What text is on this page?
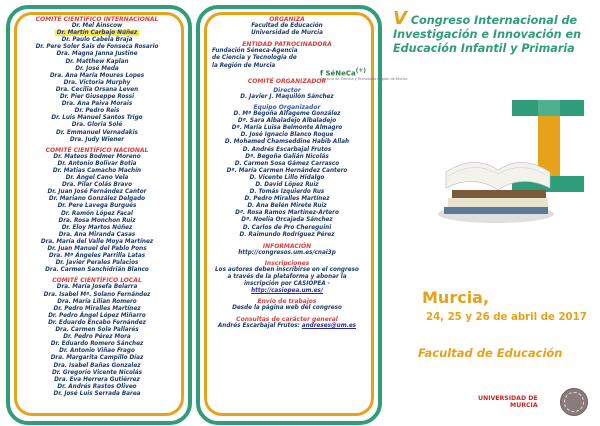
COMITÉ CIENTÍFICO INTERNACIONAL
Dr. Mel Ainscow
Dr. Martín Carbajo Núñez
Dr. Paulo Cabela Braja
Dr. Pere Soler Sais de Fonseca Rosario
Dra. Magna Janna Justine
Dr. Matthew Kaplan
Dr. José Meda
Dra. Ana María Moures Lopes
Dra. Victoria Murphy
Dra. Cecilia Orsana Leven
Dr. Pier Giuseppe Rossi
Dra. Ana Paiva Morais
Dr. Pedro Reis
Dr. Luis Manuel Santos Trigo
Dra. Gloria Solé
Dr. Emmanuel Vernadakis
Dra. Judy Wiener
COMITÉ CIENTÍFICO NACIONAL
Dr. Mateos Bodmer Moreno
Dr. Antonio Bolivar Botia
Dr. Matias Camacho Machín
Dr. Ángel Cano Vela
Dra. Pilar Colás Bravo
Dr. Juan José Fernández Cantor
Dr. Mariano González Delgado
Dr. Pere Lavega Burgués
Dr. Ramón López Facal
Dra. Rosa Monchon Ruiz
Dr. Eloy Martos Núñez
Dra. Ana Miranda Casas
Dra. María del Valle Moya Martínez
Dr. Juan Manuel del Pablo Pons
Dra. Mª Ángeles Parrilla Latas
Dr. Javier Perales Palacios
Dra. Carmen Sanchidrián Blanco
COMITÉ CIENTÍFICO LOCAL
Dra. María Josefa Belarra
Dra. Isabel Mª. Solano Fernández
Dra. María Lilian Romero
Dr. Pedro Miralles Martínez
Dr. Pedro Ángel López Miñarro
Dr. Eduardo Encabo Fernández
Dra. Carmen Sola Pallarés
Dr. Pedro Pérez Mora
Dr. Eduardo Romero Sánchez
Dr. Antonio Viñao Frago
Dra. Margarita Campillo Díaz
Dra. Isabel Bañas Gonzalez
Dr. Gregorio Vicente Nicolás
Dra. Eva Herrera Gutiérrez
Dr. Andrés Rastos Oliveo
Dr. José Luis Serrada Barea
ORGANIZA
Facultad de Educación
Universidad de Murcia
ENTIDAD PATROCINADORA
Fundación Séneca-Agencia
de Ciencia y Tecnología de
la Región de Murcia
COMITÉ ORGANIZADOR
Director
D. Javier J. Maquilón Sánchez
Equipo Organizador
D. Mª Begoña Alfageme González
Dª. Sara Albaladejo Albaladejo
Dª. María Luisa Belmonte Almagro
D. José Ignacio Blanco Roque
D. Mohamed Chamseddine Habib Allah
D. Andrés Escarbajal Frutos
Dª. Begoña Galián Nicolás
D. Carmen Sosa Gámez Carrasco
Dª. María Carmen Hernández Cantero
D. Vicente Lillo Hidalgo
D. David López Ruiz
D. Tomás Izquierdo Rus
D. Pedro Miralles Martínez
D. Ana Belén Mirete Ruiz
Dª. Rosa Ramos Martínez-Artero
Dª. Noelia Orcajada Sánchez
D. Carlos de Pro Chereguini
D. Raimundo Rodríguez Pérez
INFORMACIÓN
http://congresos.um.es/cnai3p
Inscripciones
Los autores deben inscribirse en el congreso
a través de la plataforma y abonar la
inscripción por CASIOPEA -
http://casiopea.um.es/
Envío de trabajos
Desde la página web del congreso
Consultas de carácter general
Andrés Escarbajal Frutos: andreses@um.es
f SéNeCa(+)
Agencia de Ciencia y Tecnología Región de Murcia
V Congreso Internacional de
Investigación e Innovación en
Educación Infantil y Primaria
Murcia,
24, 25 y 26 de abril de 2017
Facultad de Educación
UNIVERSIDAD DE
MURCIA
